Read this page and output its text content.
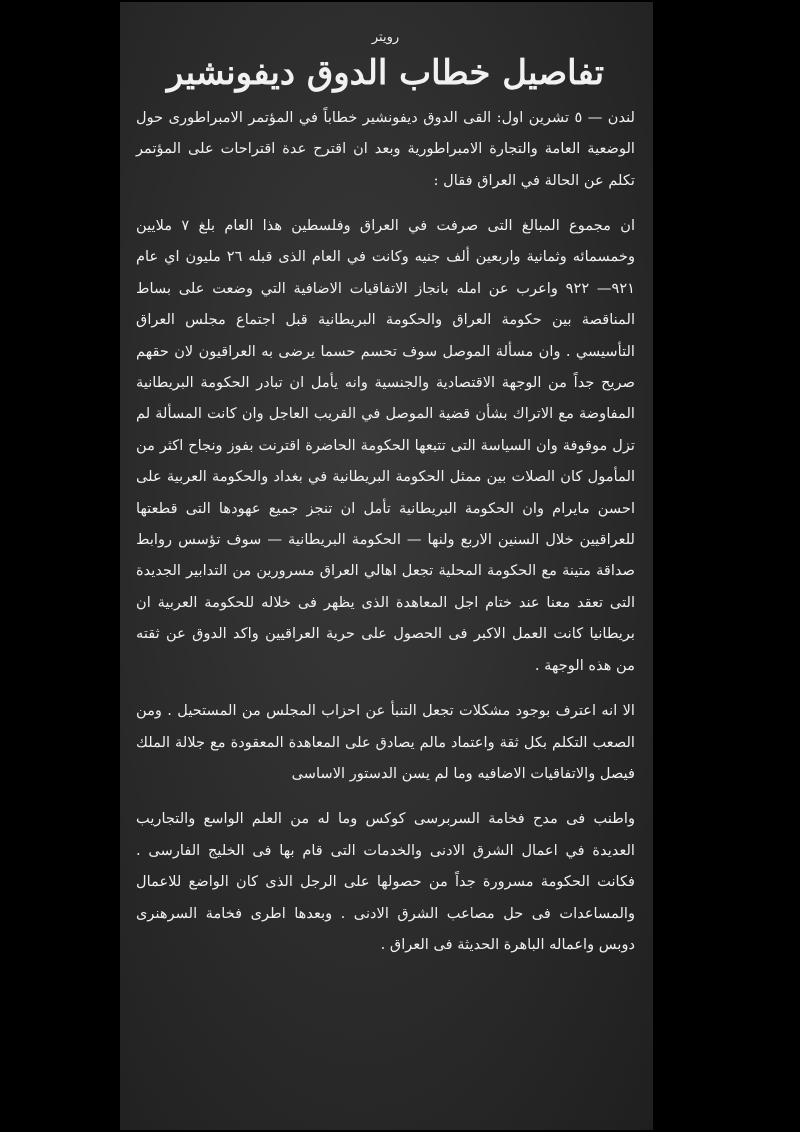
رويتر
تفاصيل خطاب الدوق ديفونشير

لندن — ٥ تشرين اول: القى الدوق ديفونشير خطاباً في المؤتمر الامبراطورى حول الوضعية العامة والتجارة الامبراطورية وبعد ان اقترح عدة اقتراحات على المؤتمر تكلم عن الحالة في العراق فقال :

ان مجموع المبالغ التى صرفت في العراق وفلسطين هذا العام بلغ ٧ ملايين وخمسمائه وثمانية واربعين ألف جنيه وكانت في العام الذى قبله ٢٦ مليون اي عام ٩٢١— ٩٢٢ واعرب عن امله بانجاز الاتفاقيات الاضافية التي وضعت على بساط المناقصة بين حكومة العراق والحكومة البريطانية قبل اجتماع مجلس العراق التأسيسي . وان مسألة الموصل سوف تحسم حسما يرضى به العراقيون لان حقهم صريح جداً من الوجهة الاقتصادية والجنسية وانه يأمل ان تبادر الحكومة البريطانية المفاوضة مع الاتراك بشأن قضية الموصل في القريب العاجل وان كانت المسألة لم تزل موقوفة وان السياسة التى تتبعها الحكومة الحاضرة اقترنت بفوز ونجاح اكثر من المأمول كان الصلات بين ممثل الحكومة البريطانية في بغداد والحكومة العربية على احسن مايرام وان الحكومة البريطانية تأمل ان تنجز جميع عهودها التى قطعتها للعراقيين خلال السنين الاربع ولنها — الحكومة البريطانية — سوف تؤسس روابط صداقة متينة مع الحكومة المحلية تجعل اهالي العراق مسرورين من التدابير الجديدة التى تعقد معنا عند ختام اجل المعاهدة الذى يظهر فى خلاله للحكومة العربية ان بريطانيا كانت العمل الاكبر فى الحصول على حرية العراقيين واكد الدوق عن ثقته من هذه الوجهة .

الا انه اعترف بوجود مشكلات تجعل التنبأ عن احزاب المجلس من المستحيل . ومن الصعب التكلم بكل ثقة واعتماد مالم يصادق على المعاهدة المعقودة مع جلالة الملك فيصل والاتفاقيات الاضافيه وما لم يسن الدستور الاساسى

واطنب فى مدح فخامة السربرسى كوكس وما له من العلم الواسع والتجاريب العديدة في اعمال الشرق الادنى والخدمات التى قام بها فى الخليج الفارسى . فكانت الحكومة مسرورة جداً من حصولها على الرجل الذى كان الواضع للاعمال والمساعدات فى حل مصاعب الشرق الادنى . وبعدها اطرى فخامة السرهنرى دوبس واعماله الباهرة الحديثة فى العراق .
